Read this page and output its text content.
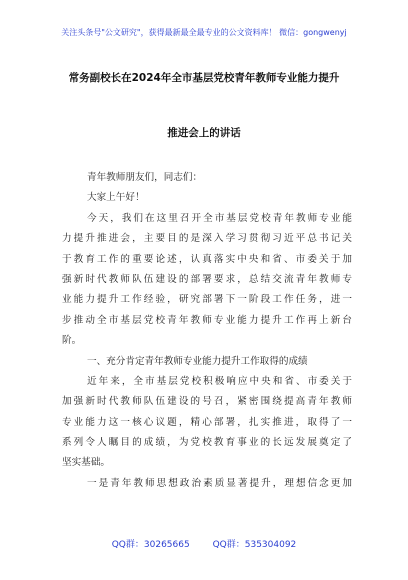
关注头条号"公文研究"，获得最新最全最专业的公文资料库！ 微信：gongwenyj
常务副校长在2024年全市基层党校青年教师专业能力提升
推进会上的讲话
青年教师朋友们，同志们：
大家上午好！
今天，我们在这里召开全市基层党校青年教师专业能
力提升推进会，主要目的是深入学习贯彻习近平总书记关
于教育工作的重要论述，认真落实中央和省、市委关于加
强新时代教师队伍建设的部署要求，总结交流青年教师专
业能力提升工作经验，研究部署下一阶段工作任务，进一
步推动全市基层党校青年教师专业能力提升工作再上新台
阶。
一、充分肯定青年教师专业能力提升工作取得的成绩
近年来，全市基层党校积极响应中央和省、市委关于
加强新时代教师队伍建设的号召，紧密围绕提高青年教师
专业能力这一核心议题，精心部署，扎实推进，取得了一
系列令人瞩目的成绩，为党校教育事业的长远发展奠定了
坚实基础。
一是青年教师思想政治素质显著提升，理想信念更加
QQ群：30265665	QQ群：535304092
